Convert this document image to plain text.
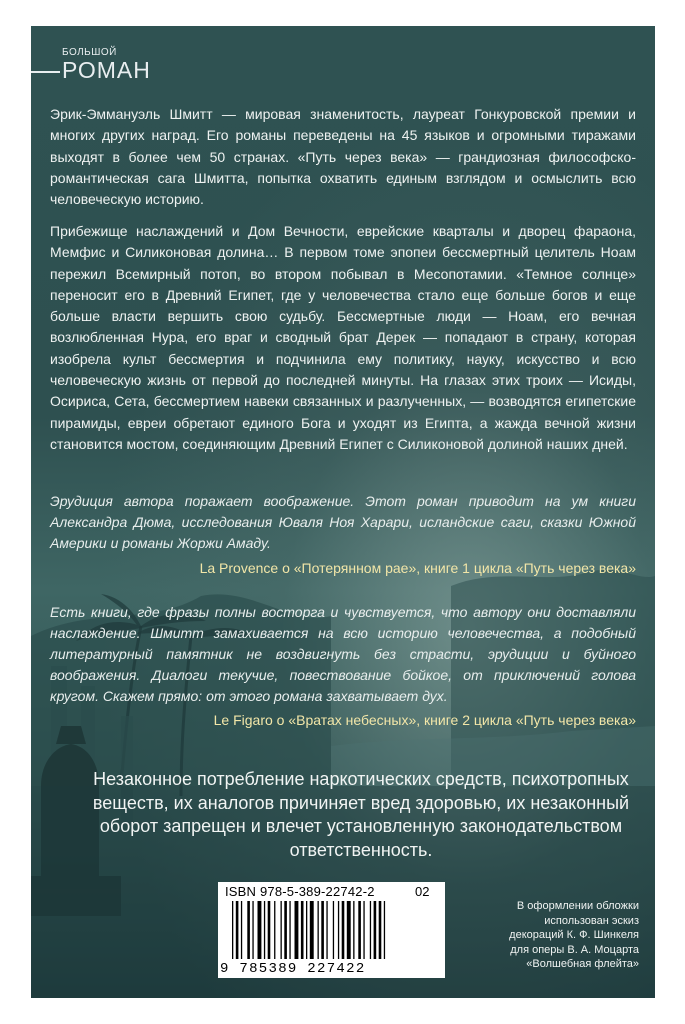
БОЛЬШОЙ
РОМАН
Эрик-Эммануэль Шмитт — мировая знаменитость, лауреат Гонкуровской премии и многих других наград. Его романы переведены на 45 языков и огромными тиражами выходят в более чем 50 странах. «Путь через века» — грандиозная философско-романтическая сага Шмитта, попытка охватить единым взглядом и осмыслить всю человеческую историю.
Прибежище наслаждений и Дом Вечности, еврейские кварталы и дворец фараона, Мемфис и Силиконовая долина… В первом томе эпопеи бессмертный целитель Ноам пережил Всемирный потоп, во втором побывал в Месопотамии. «Темное солнце» переносит его в Древний Египет, где у человечества стало еще больше богов и еще больше власти вершить свою судьбу. Бессмертные люди — Ноам, его вечная возлюбленная Нура, его враг и сводный брат Дерек — попадают в страну, которая изобрела культ бессмертия и подчинила ему политику, науку, искусство и всю человеческую жизнь от первой до последней минуты. На глазах этих троих — Исиды, Осириса, Сета, бессмертием навеки связанных и разлученных, — возводятся египетские пирамиды, евреи обретают единого Бога и уходят из Египта, а жажда вечной жизни становится мостом, соединяющим Древний Египет с Силиконовой долиной наших дней.
Эрудиция автора поражает воображение. Этот роман приводит на ум книги Александра Дюма, исследования Юваля Ноя Харари, исландские саги, сказки Южной Америки и романы Жоржи Амаду.
La Provence о «Потерянном рае», книге 1 цикла «Путь через века»
Есть книги, где фразы полны восторга и чувствуется, что автору они доставляли наслаждение. Шмитт замахивается на всю историю человечества, а подобный литературный памятник не воздвигнуть без страсти, эрудиции и буйного воображения. Диалоги текучие, повествование бойкое, от приключений голова кругом. Скажем прямо: от этого романа захватывает дух.
Le Figaro о «Вратах небесных», книге 2 цикла «Путь через века»
Незаконное потребление наркотических средств, психотропных веществ, их аналогов причиняет вред здоровью, их незаконный оборот запрещен и влечет установленную законодательством ответственность.
ISBN 978-5-389-22742-2	02
9 785389 227422
В оформлении обложки
использован эскиз
декораций К. Ф. Шинкеля
для оперы В. А. Моцарта
«Волшебная флейта»
